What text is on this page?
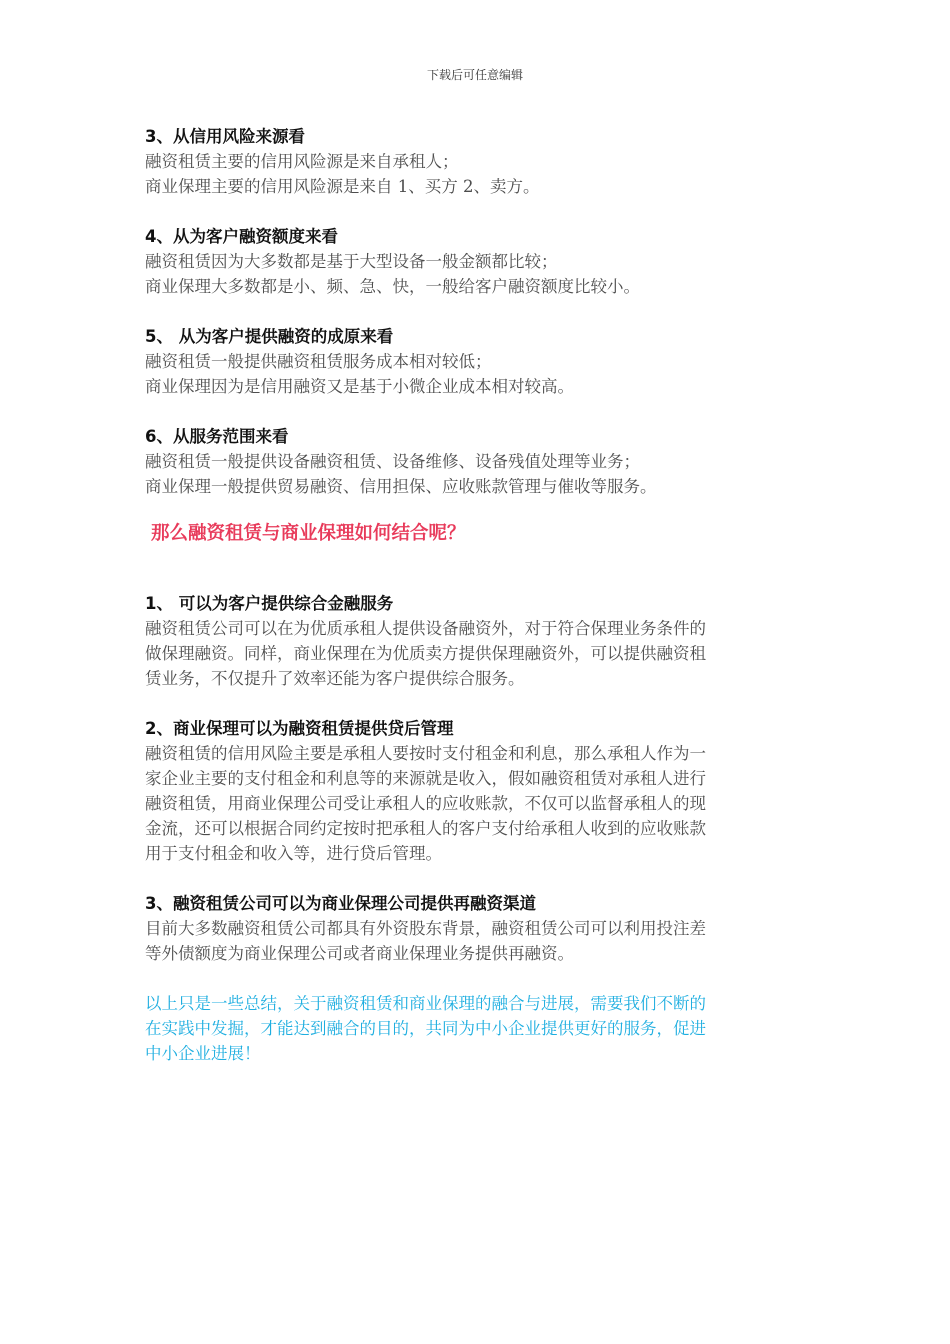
下载后可任意编辑
3、从信用风险来源看
融资租赁主要的信用风险源是来自承租人；
商业保理主要的信用风险源是来自 1、买方 2、卖方。
4、从为客户融资额度来看
融资租赁因为大多数都是基于大型设备一般金额都比较；
商业保理大多数都是小、频、急、快，一般给客户融资额度比较小。
5、 从为客户提供融资的成原来看
融资租赁一般提供融资租赁服务成本相对较低；
商业保理因为是信用融资又是基于小微企业成本相对较高。
6、从服务范围来看
融资租赁一般提供设备融资租赁、设备维修、设备残值处理等业务；
商业保理一般提供贸易融资、信用担保、应收账款管理与催收等服务。
那么融资租赁与商业保理如何结合呢？
1、 可以为客户提供综合金融服务
融资租赁公司可以在为优质承租人提供设备融资外，对于符合保理业务条件的
做保理融资。同样，商业保理在为优质卖方提供保理融资外，可以提供融资租
赁业务，不仅提升了效率还能为客户提供综合服务。
2、商业保理可以为融资租赁提供贷后管理
融资租赁的信用风险主要是承租人要按时支付租金和利息，那么承租人作为一
家企业主要的支付租金和利息等的来源就是收入，假如融资租赁对承租人进行
融资租赁，用商业保理公司受让承租人的应收账款，不仅可以监督承租人的现
金流，还可以根据合同约定按时把承租人的客户支付给承租人收到的应收账款
用于支付租金和收入等，进行贷后管理。
3、融资租赁公司可以为商业保理公司提供再融资渠道
目前大多数融资租赁公司都具有外资股东背景，融资租赁公司可以利用投注差
等外债额度为商业保理公司或者商业保理业务提供再融资。
以上只是一些总结，关于融资租赁和商业保理的融合与进展，需要我们不断的
在实践中发掘，才能达到融合的目的，共同为中小企业提供更好的服务，促进
中小企业进展！
